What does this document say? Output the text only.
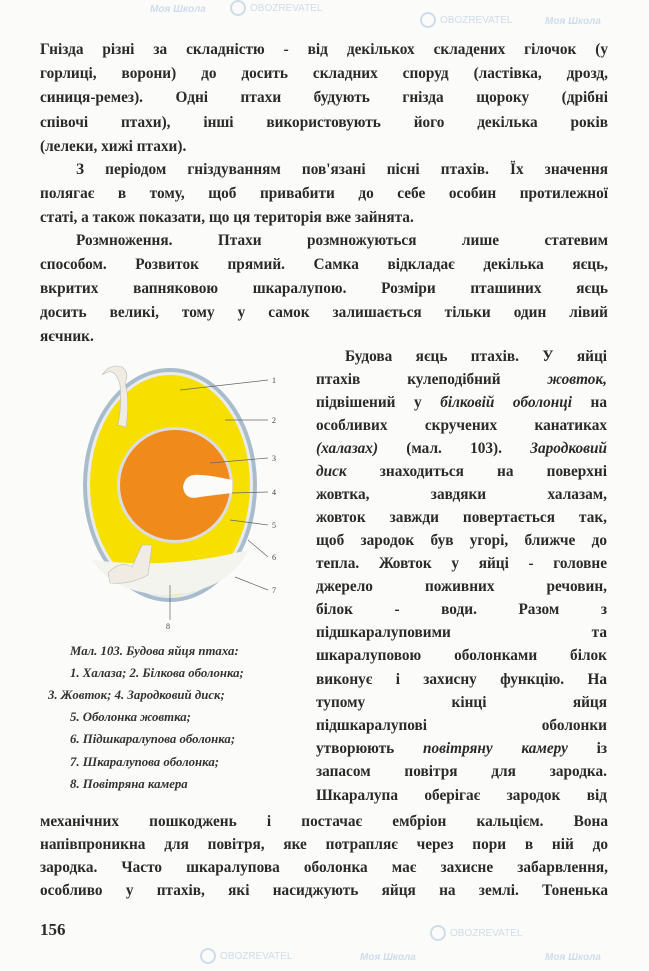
Моя Школа	OBOZREVATEL
Моя Школа
OBOZREVATEL
Моя Школа
OBOZREVATEL	Моя Школа
OBOZREVATEL
Гнізда різні за складністю - від декількох складених гілочок (у
горлиці, ворони) до досить складних споруд (ластівка, дрозд,
синиця-ремез). Одні птахи будують гнізда щороку (дрібні
співочі птахи), інші використовують його декілька років
(лелеки, хижі птахи).
З періодом гніздуванням пов'язані пісні птахів. Їх значення
полягає в тому, щоб привабити до себе особин протилежної
статі, а також показати, що ця територія вже зайнята.
Розмноження. Птахи розмножуються лише статевим
способом. Розвиток прямий. Самка відкладає декілька яєць,
вкритих вапняковою шкаралупою. Розміри пташиних яєць
досить великі, тому у самок залишається тільки один лівий
яєчник.
1
2
3
4
5
6
7
8
Мал. 103. Будова яйця птаха:
1. Халаза; 2. Білкова оболонка;
3. Жовток; 4. Зародковий диск;
5. Оболонка жовтка;
6. Підшкаралупова оболонка;
7. Шкаралупова оболонка;
8. Повітряна камера
Будова яєць птахів. У яйці
птахів кулеподібний жовток,
підвішений у білковій оболонці на
особливих скручених канатиках
(халазах) (мал. 103). Зародковий
диск знаходиться на поверхні
жовтка, завдяки халазам,
жовток завжди повертається так,
щоб зародок був угорі, ближче до
тепла. Жовток у яйці - головне
джерело поживних речовин,
білок - води. Разом з
підшкаралуповими та
шкаралуповою оболонками білок
виконує і захисну функцію. На
тупому кінці яйця
підшкаралупові оболонки
утворюють повітряну камеру із
запасом повітря для зародка.
Шкаралупа оберігає зародок від
механічних пошкоджень і постачає ембріон кальцієм. Вона
напівпроникна для повітря, яке потрапляє через пори в ній до
зародка. Часто шкаралупова оболонка має захисне забарвлення,
особливо у птахів, які насиджують яйця на землі. Тоненька
156
